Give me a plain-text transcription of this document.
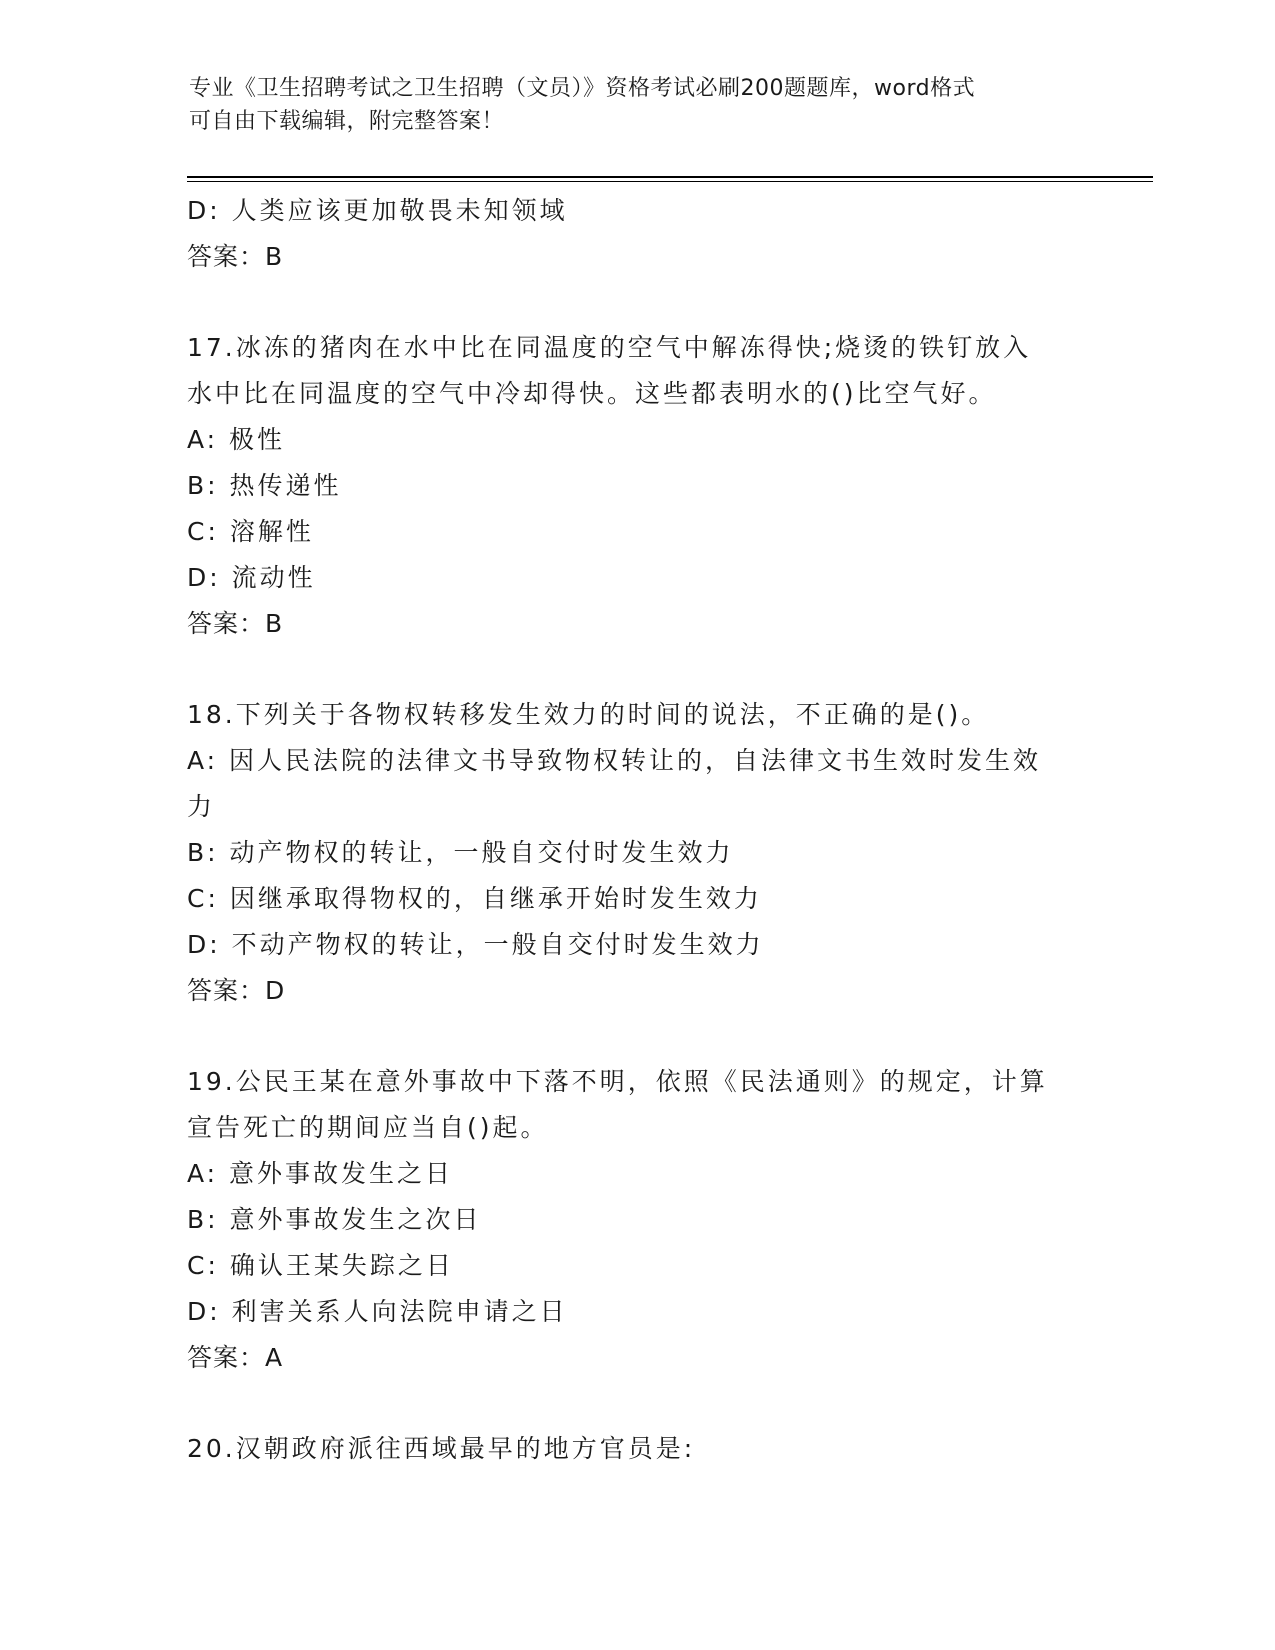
专业《卫生招聘考试之卫生招聘（文员）》资格考试必刷200题题库，word格式
可自由下载编辑，附完整答案！
D: 人类应该更加敬畏未知领域
答案：B
17.冰冻的猪肉在水中比在同温度的空气中解冻得快;烧烫的铁钉放入
水中比在同温度的空气中冷却得快。这些都表明水的()比空气好。
A: 极性
B: 热传递性
C: 溶解性
D: 流动性
答案：B
18.下列关于各物权转移发生效力的时间的说法，不正确的是()。
A: 因人民法院的法律文书导致物权转让的，自法律文书生效时发生效
力
B: 动产物权的转让，一般自交付时发生效力
C: 因继承取得物权的，自继承开始时发生效力
D: 不动产物权的转让，一般自交付时发生效力
答案：D
19.公民王某在意外事故中下落不明，依照《民法通则》的规定，计算
宣告死亡的期间应当自()起。
A: 意外事故发生之日
B: 意外事故发生之次日
C: 确认王某失踪之日
D: 利害关系人向法院申请之日
答案：A
20.汉朝政府派往西域最早的地方官员是:
